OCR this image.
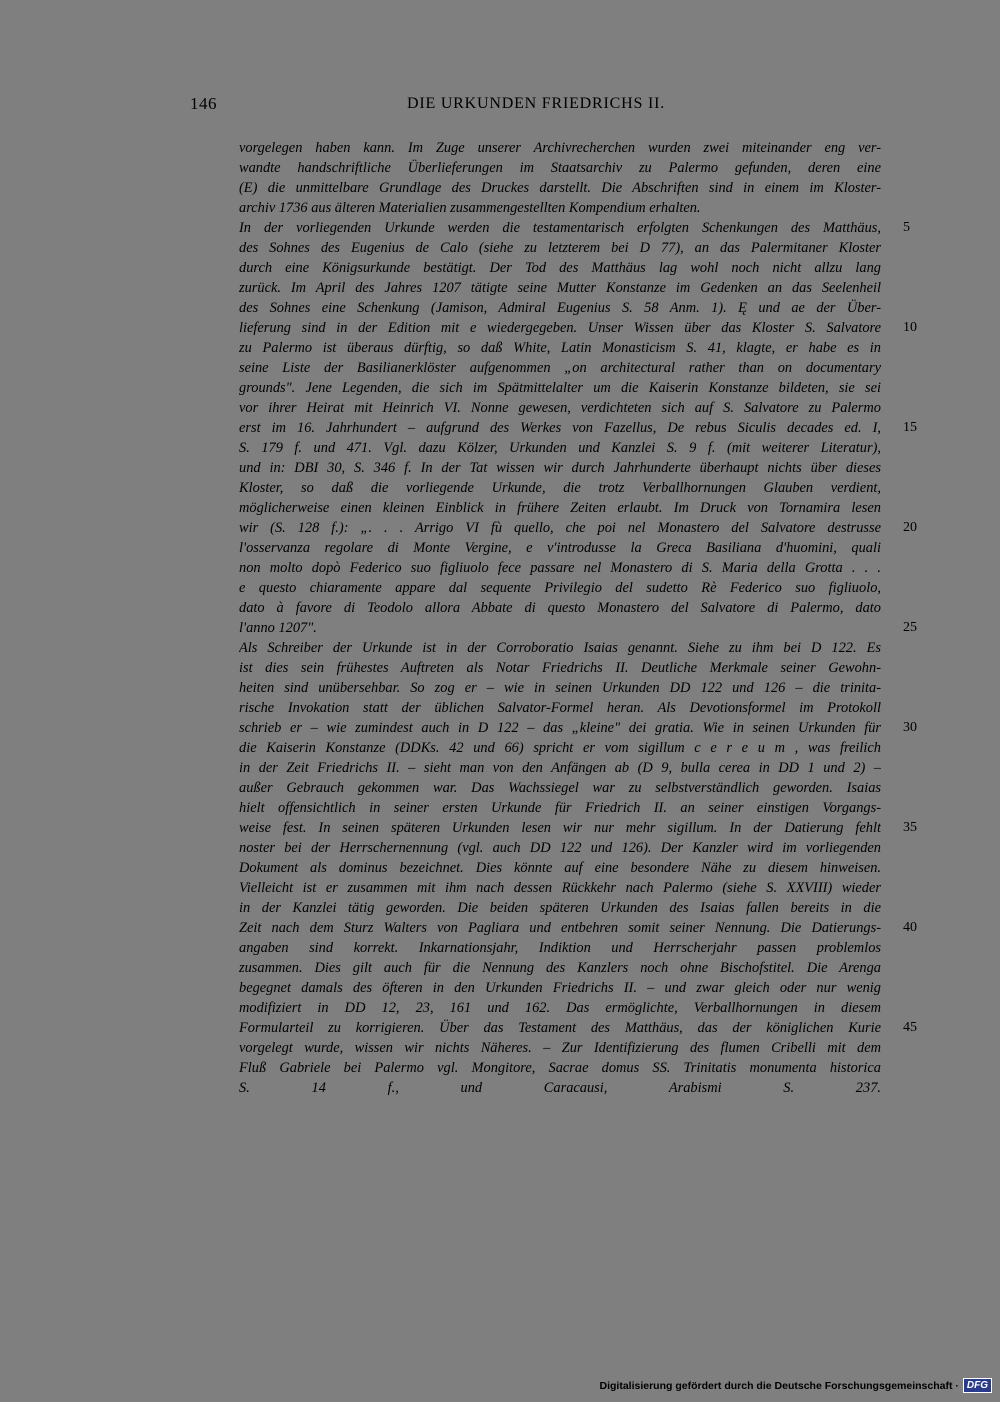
146	DIE URKUNDEN FRIEDRICHS II.
vorgelegen haben kann. Im Zuge unserer Archivrecherchen wurden zwei miteinander eng ver-
wandte handschriftliche Überlieferungen im Staatsarchiv zu Palermo gefunden, deren eine
(E) die unmittelbare Grundlage des Druckes darstellt. Die Abschriften sind in einem im Kloster-
archiv 1736 aus älteren Materialien zusammengestellten Kompendium erhalten.
In der vorliegenden Urkunde werden die testamentarisch erfolgten Schenkungen des Matthäus,
des Sohnes des Eugenius de Calo (siehe zu letzterem bei D 77), an das Palermitaner Kloster
durch eine Königsurkunde bestätigt. Der Tod des Matthäus lag wohl noch nicht allzu lang
zurück. Im April des Jahres 1207 tätigte seine Mutter Konstanze im Gedenken an das Seelenheil
des Sohnes eine Schenkung (Jamison, Admiral Eugenius S. 58 Anm. 1). Ę und ae der Über-
lieferung sind in der Edition mit e wiedergegeben. Unser Wissen über das Kloster S. Salvatore
zu Palermo ist überaus dürftig, so daß White, Latin Monasticism S. 41, klagte, er habe es in
seine Liste der Basilianerklöster aufgenommen „on architectural rather than on documentary
grounds". Jene Legenden, die sich im Spätmittelalter um die Kaiserin Konstanze bildeten, sie sei
vor ihrer Heirat mit Heinrich VI. Nonne gewesen, verdichteten sich auf S. Salvatore zu Palermo
erst im 16. Jahrhundert – aufgrund des Werkes von Fazellus, De rebus Siculis decades ed. I,
S. 179 f. und 471. Vgl. dazu Kölzer, Urkunden und Kanzlei S. 9 f. (mit weiterer Literatur),
und in: DBI 30, S. 346 f. In der Tat wissen wir durch Jahrhunderte überhaupt nichts über dieses
Kloster, so daß die vorliegende Urkunde, die trotz Verballhornungen Glauben verdient,
möglicherweise einen kleinen Einblick in frühere Zeiten erlaubt. Im Druck von Tornamira lesen
wir (S. 128 f.): „. . . Arrigo VI fù quello, che poi nel Monastero del Salvatore destrusse
l'osservanza regolare di Monte Vergine, e v'introdusse la Greca Basiliana d'huomini, quali
non molto dopò Federico suo figliuolo fece passare nel Monastero di S. Maria della Grotta . . .
e questo chiaramente appare dal sequente Privilegio del sudetto Rè Federico suo figliuolo,
dato à favore di Teodolo allora Abbate di questo Monastero del Salvatore di Palermo, dato
l'anno 1207".
Als Schreiber der Urkunde ist in der Corroboratio Isaias genannt. Siehe zu ihm bei D 122. Es
ist dies sein frühestes Auftreten als Notar Friedrichs II. Deutliche Merkmale seiner Gewohn-
heiten sind unübersehbar. So zog er – wie in seinen Urkunden DD 122 und 126 – die trinita-
rische Invokation statt der üblichen Salvator-Formel heran. Als Devotionsformel im Protokoll
schrieb er – wie zumindest auch in D 122 – das „kleine" dei gratia. Wie in seinen Urkunden für
die Kaiserin Konstanze (DDKs. 42 und 66) spricht er vom sigillum c e r e u m , was freilich
in der Zeit Friedrichs II. – sieht man von den Anfängen ab (D 9, bulla cerea in DD 1 und 2) –
außer Gebrauch gekommen war. Das Wachssiegel war zu selbstverständlich geworden. Isaias
hielt offensichtlich in seiner ersten Urkunde für Friedrich II. an seiner einstigen Vorgangs-
weise fest. In seinen späteren Urkunden lesen wir nur mehr sigillum. In der Datierung fehlt
noster bei der Herrschernennung (vgl. auch DD 122 und 126). Der Kanzler wird im vorliegenden
Dokument als dominus bezeichnet. Dies könnte auf eine besondere Nähe zu diesem hinweisen.
Vielleicht ist er zusammen mit ihm nach dessen Rückkehr nach Palermo (siehe S. XXVIII) wieder
in der Kanzlei tätig geworden. Die beiden späteren Urkunden des Isaias fallen bereits in die
Zeit nach dem Sturz Walters von Pagliara und entbehren somit seiner Nennung. Die Datierungs-
angaben sind korrekt. Inkarnationsjahr, Indiktion und Herrscherjahr passen problemlos
zusammen. Dies gilt auch für die Nennung des Kanzlers noch ohne Bischofstitel. Die Arenga
begegnet damals des öfteren in den Urkunden Friedrichs II. – und zwar gleich oder nur wenig
modifiziert in DD 12, 23, 161 und 162. Das ermöglichte, Verballhornungen in diesem
Formularteil zu korrigieren. Über das Testament des Matthäus, das der königlichen Kurie
vorgelegt wurde, wissen wir nichts Näheres. – Zur Identifizierung des flumen Cribelli mit dem
Fluß Gabriele bei Palermo vgl. Mongitore, Sacrae domus SS. Trinitatis monumenta historica
S. 14 f., und Caracausi, Arabismi S. 237.
5
10
15
20
25
30
35
40
45
Digitalisierung gefördert durch die Deutsche Forschungsgemeinschaft · DFG
